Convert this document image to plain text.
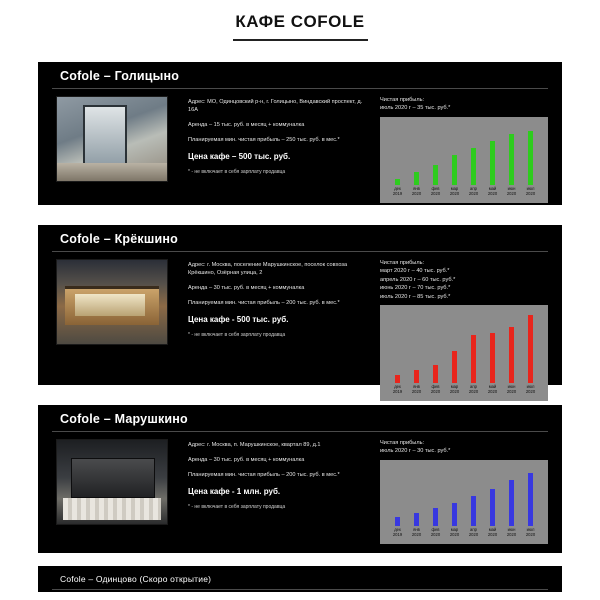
КАФЕ COFOLE
Cofole – Голицыно

Адрес: МО, Одинцовский р-н, г. Голицыно, Виндавский проспект, д. 16А

Аренда – 15 тыс. руб. в месяц + коммуналка

Планируемая мин. чистая прибыль – 250 тыс. руб. в мес.*

Цена кафе – 500 тыс. руб.

* - не включает в себя зарплату продавца

Чистая прибыль:
июль 2020 г – 35 тыс. руб.*
дек
2019
янв
2020
фев
2020
мар
2020
апр
2020
май
2020
июн
2020
июл
2020
Cofole – Крёкшино

Адрес: г. Москва, поселение Марушкинское, поселок совхоза Крёкшино, Озёрная улица, 2

Аренда – 30 тыс. руб. в месяц + коммуналка

Планируемая мин. чистая прибыль – 200 тыс. руб. в мес.*

Цена кафе - 500 тыс. руб.

* - не включает в себя зарплату продавца

Чистая прибыль:
март 2020 г – 40 тыс. руб.*
апрель 2020 г – 60 тыс. руб.*
июнь 2020 г – 70 тыс. руб.*
июль 2020 г – 85 тыс. руб.*
дек
2019
янв
2020
фев
2020
мар
2020
апр
2020
май
2020
июн
2020
июл
2020
Cofole – Марушкино

Адрес: г. Москва, п. Марушкинское, квартал 89, д.1

Аренда – 30 тыс. руб. в месяц + коммуналка

Планируемая мин. чистая прибыль – 200 тыс. руб. в мес.*

Цена кафе - 1 млн. руб.

* - не включает в себя зарплату продавца

Чистая прибыль:
июль 2020 г – 30 тыс. руб.*
дек
2019
янв
2020
фев
2020
мар
2020
апр
2020
май
2020
июн
2020
июл
2020
Cofole – Одинцово (Скоро открытие)
